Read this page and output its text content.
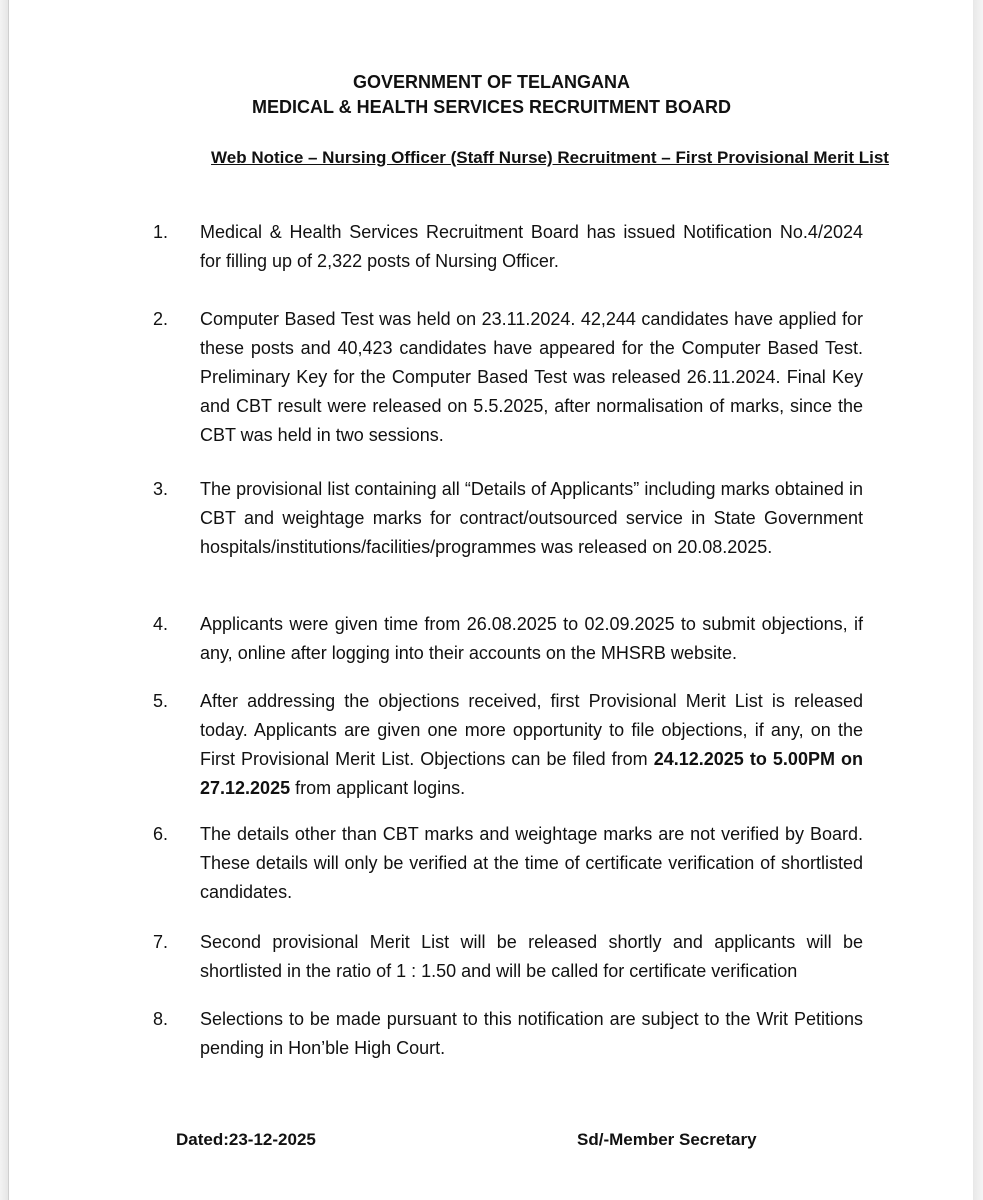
GOVERNMENT OF TELANGANA
MEDICAL & HEALTH SERVICES RECRUITMENT BOARD
Web Notice – Nursing Officer (Staff Nurse) Recruitment – First Provisional Merit List
1. Medical & Health Services Recruitment Board has issued Notification No.4/2024 for filling up of 2,322 posts of Nursing Officer.
2. Computer Based Test was held on 23.11.2024. 42,244 candidates have applied for these posts and 40,423 candidates have appeared for the Computer Based Test. Preliminary Key for the Computer Based Test was released 26.11.2024. Final Key and CBT result were released on 5.5.2025, after normalisation of marks, since the CBT was held in two sessions.
3. The provisional list containing all “Details of Applicants” including marks obtained in CBT and weightage marks for contract/outsourced service in State Government hospitals/institutions/facilities/programmes was released on 20.08.2025.
4. Applicants were given time from 26.08.2025 to 02.09.2025 to submit objections, if any, online after logging into their accounts on the MHSRB website.
5. After addressing the objections received, first Provisional Merit List is released today. Applicants are given one more opportunity to file objections, if any, on the First Provisional Merit List. Objections can be filed from 24.12.2025 to 5.00PM on 27.12.2025 from applicant logins.
6. The details other than CBT marks and weightage marks are not verified by Board. These details will only be verified at the time of certificate verification of shortlisted candidates.
7. Second provisional Merit List will be released shortly and applicants will be shortlisted in the ratio of 1 : 1.50 and will be called for certificate verification
8. Selections to be made pursuant to this notification are subject to the Writ Petitions pending in Hon’ble High Court.
Dated:23-12-2025	Sd/-Member Secretary
